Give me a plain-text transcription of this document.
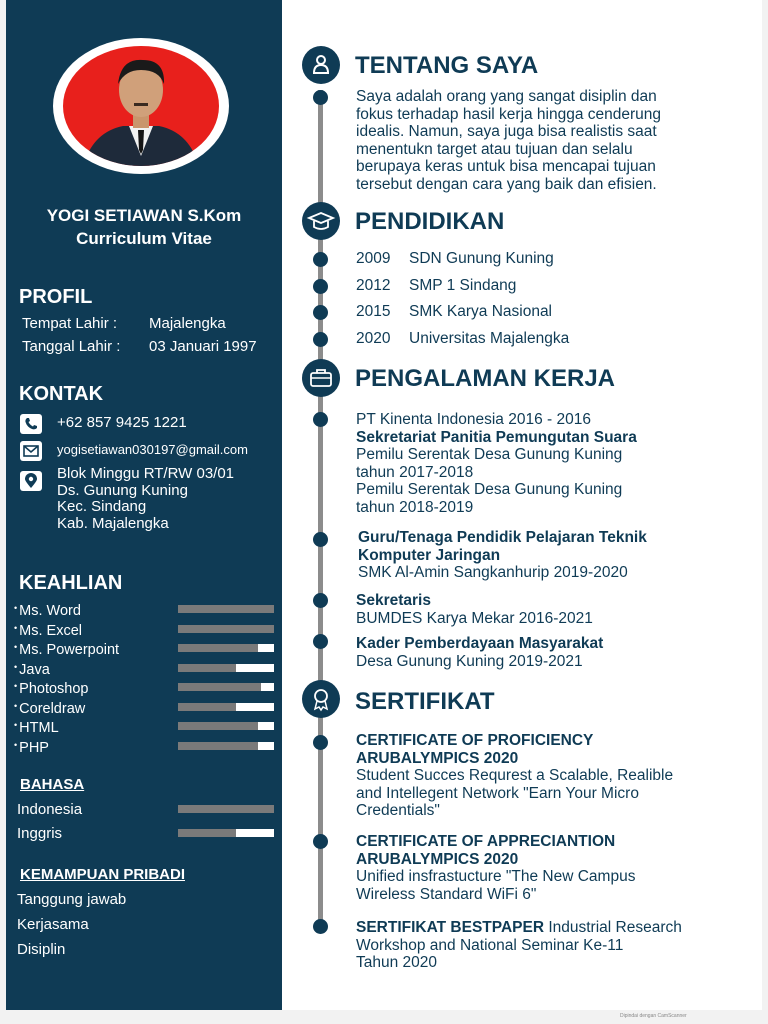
YOGI SETIAWAN S.Kom
Curriculum Vitae
PROFIL
Tempat Lahir : Majalengka
Tanggal Lahir : 03 Januari 1997
KONTAK
+62 857 9425 1221
yogisetiawan030197@gmail.com
Blok Minggu RT/RW 03/01
Ds. Gunung Kuning
Kec. Sindang
Kab. Majalengka
KEAHLIAN
• Ms. Word
• Ms. Excel
• Ms. Powerpoint
• Java
• Photoshop
• Coreldraw
• HTML
• PHP
BAHASA
Indonesia
Inggris
KEMAMPUAN PRIBADI
Tanggung jawab
Kerjasama
Disiplin
TENTANG SAYA
Saya adalah orang yang sangat disiplin dan
fokus terhadap hasil kerja hingga cenderung
idealis. Namun, saya juga bisa realistis saat
menentukn target atau tujuan dan selalu
berupaya keras untuk bisa mencapai tujuan
tersebut dengan cara yang baik dan efisien.
PENDIDIKAN
2009 SDN Gunung Kuning
2012 SMP 1 Sindang
2015 SMK Karya Nasional
2020 Universitas Majalengka
PENGALAMAN KERJA
PT Kinenta Indonesia 2016 - 2016
Sekretariat Panitia Pemungutan Suara
Pemilu Serentak Desa Gunung Kuning
tahun 2017-2018
Pemilu Serentak Desa Gunung Kuning
tahun 2018-2019
Guru/Tenaga Pendidik Pelajaran Teknik
Komputer Jaringan
SMK Al-Amin Sangkanhurip 2019-2020
Sekretaris
BUMDES Karya Mekar 2016-2021
Kader Pemberdayaan Masyarakat
Desa Gunung Kuning 2019-2021
SERTIFIKAT
CERTIFICATE OF PROFICIENCY
ARUBALYMPICS 2020
Student Succes Requrest a Scalable, Realible
and Intellegent Network "Earn Your Micro
Credentials"
CERTIFICATE OF APPRECIANTION
ARUBALYMPICS 2020
Unified insfrastucture "The New Campus
Wireless Standard WiFi 6"
SERTIFIKAT BESTPAPER Industrial Research
Workshop and National Seminar Ke-11
Tahun 2020
Dipindai dengan CamScanner
